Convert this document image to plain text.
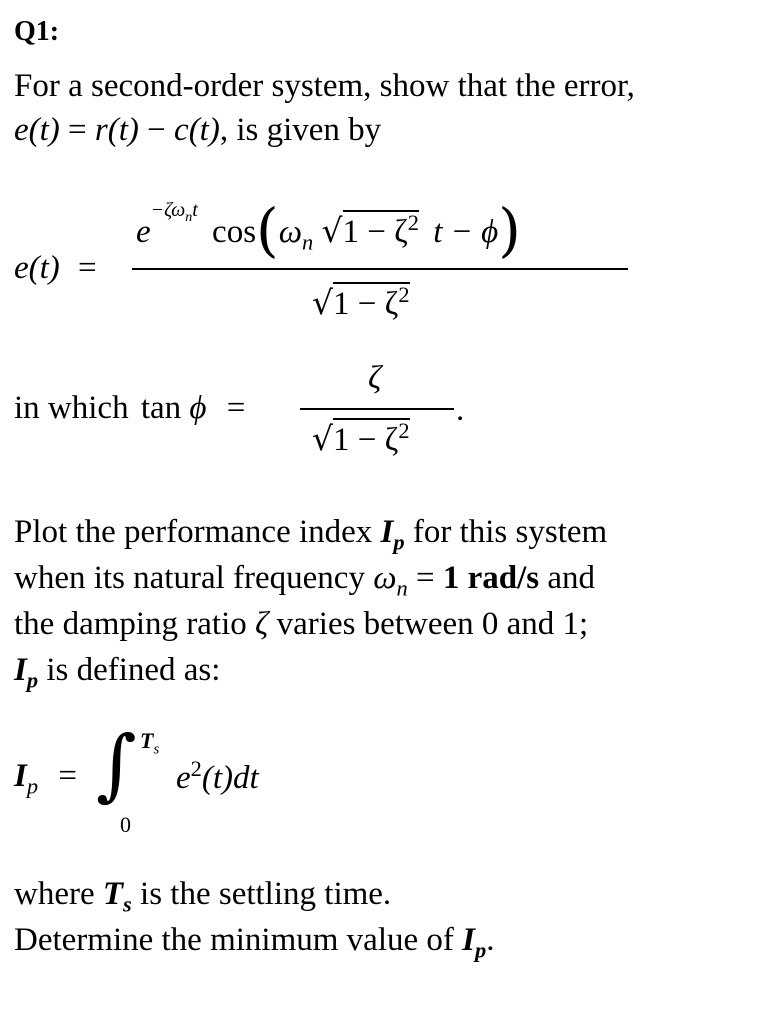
Q1:
For a second-order system, show that the error,
e(t) = r(t) − c(t), is given by
e(t) =
$e^{-\zeta\omega_nt}$ $\cos(\omega_n$ $√1 - \zeta^2$ t − ϕ)
$√1 - \zeta^2$
in which tan ϕ =
ζ
.
$√1 - \zeta^2$
Plot the performance index $I_p$ for this system
when its natural frequency $\omega_n = 1$ rad/s and
the damping ratio ζ varies between 0 and 1;
$I_p$ is defined as:
$I_p$ = ∫ $T_s$
0
$e^2(t)dt$
where $T_s$ is the settling time.
Determine the minimum value of $I_p$.
